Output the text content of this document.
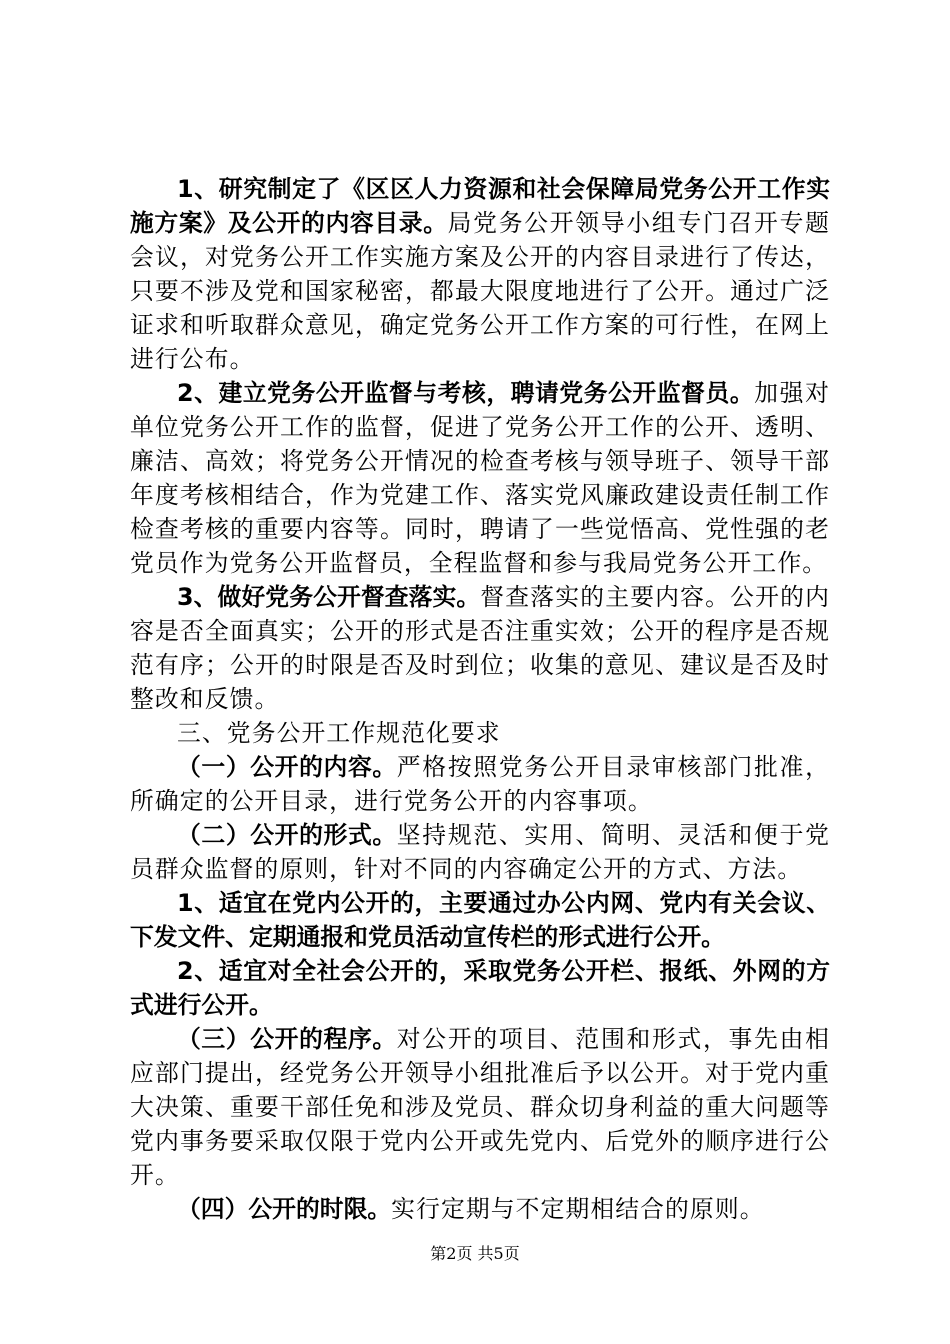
1、研究制定了《区区人力资源和社会保障局党务公开工作实施方案》及公开的内容目录。局党务公开领导小组专门召开专题会议，对党务公开工作实施方案及公开的内容目录进行了传达，只要不涉及党和国家秘密，都最大限度地进行了公开。通过广泛证求和听取群众意见，确定党务公开工作方案的可行性，在网上进行公布。

2、建立党务公开监督与考核，聘请党务公开监督员。加强对单位党务公开工作的监督，促进了党务公开工作的公开、透明、廉洁、高效；将党务公开情况的检查考核与领导班子、领导干部年度考核相结合，作为党建工作、落实党风廉政建设责任制工作检查考核的重要内容等。同时，聘请了一些觉悟高、党性强的老党员作为党务公开监督员，全程监督和参与我局党务公开工作。

3、做好党务公开督查落实。督查落实的主要内容。公开的内容是否全面真实；公开的形式是否注重实效；公开的程序是否规范有序；公开的时限是否及时到位；收集的意见、建议是否及时整改和反馈。

三、党务公开工作规范化要求

（一）公开的内容。严格按照党务公开目录审核部门批准，所确定的公开目录，进行党务公开的内容事项。

（二）公开的形式。坚持规范、实用、简明、灵活和便于党员群众监督的原则，针对不同的内容确定公开的方式、方法。

1、适宜在党内公开的，主要通过办公内网、党内有关会议、下发文件、定期通报和党员活动宣传栏的形式进行公开。

2、适宜对全社会公开的，采取党务公开栏、报纸、外网的方式进行公开。

（三）公开的程序。对公开的项目、范围和形式，事先由相应部门提出，经党务公开领导小组批准后予以公开。对于党内重大决策、重要干部任免和涉及党员、群众切身利益的重大问题等党内事务要采取仅限于党内公开或先党内、后党外的顺序进行公开。

（四）公开的时限。实行定期与不定期相结合的原则。

第2页 共5页
